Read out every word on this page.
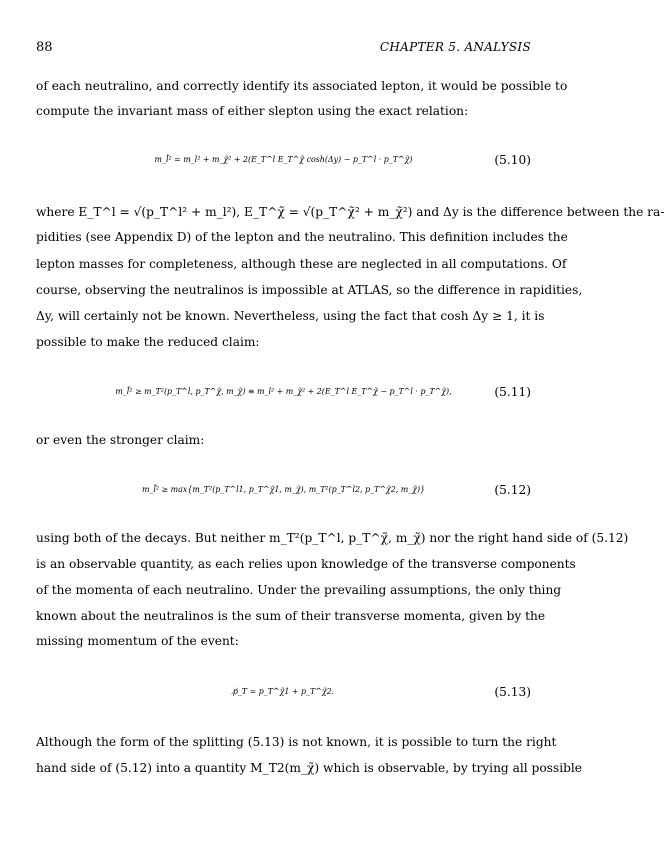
88	CHAPTER 5. ANALYSIS
of each neutralino, and correctly identify its associated lepton, it would be possible to
compute the invariant mass of either slepton using the exact relation:
m_l̃² = m_l² + m_χ̃² + 2(E_T^l E_T^χ̃ cosh(Δy) − p_T^l · p_T^χ̃)	(5.10)
where E_T^l = √(p_T^l² + m_l²), E_T^χ̃ = √(p_T^χ̃² + m_χ̃²) and Δy is the difference between the ra-
pidities (see Appendix D) of the lepton and the neutralino. This definition includes the
lepton masses for completeness, although these are neglected in all computations. Of
course, observing the neutralinos is impossible at ATLAS, so the difference in rapidities,
Δy, will certainly not be known. Nevertheless, using the fact that cosh Δy ≥ 1, it is
possible to make the reduced claim:
m_l̃² ≥ m_T²(p_T^l, p_T^χ̃, m_χ̃) ≡ m_l² + m_χ̃² + 2(E_T^l E_T^χ̃ − p_T^l · p_T^χ̃),	(5.11)
or even the stronger claim:
m_l̃² ≥ max{m_T²(p_T^l1, p_T^χ̃1, m_χ̃), m_T²(p_T^l2, p_T^χ̃2, m_χ̃)}	(5.12)
using both of the decays. But neither m_T²(p_T^l, p_T^χ̃, m_χ̃) nor the right hand side of (5.12)
is an observable quantity, as each relies upon knowledge of the transverse components
of the momenta of each neutralino. Under the prevailing assumptions, the only thing
known about the neutralinos is the sum of their transverse momenta, given by the
missing momentum of the event:
p̸_T = p_T^χ̃1 + p_T^χ̃2.	(5.13)
Although the form of the splitting (5.13) is not known, it is possible to turn the right
hand side of (5.12) into a quantity M_T2(m_χ̃) which is observable, by trying all possible
